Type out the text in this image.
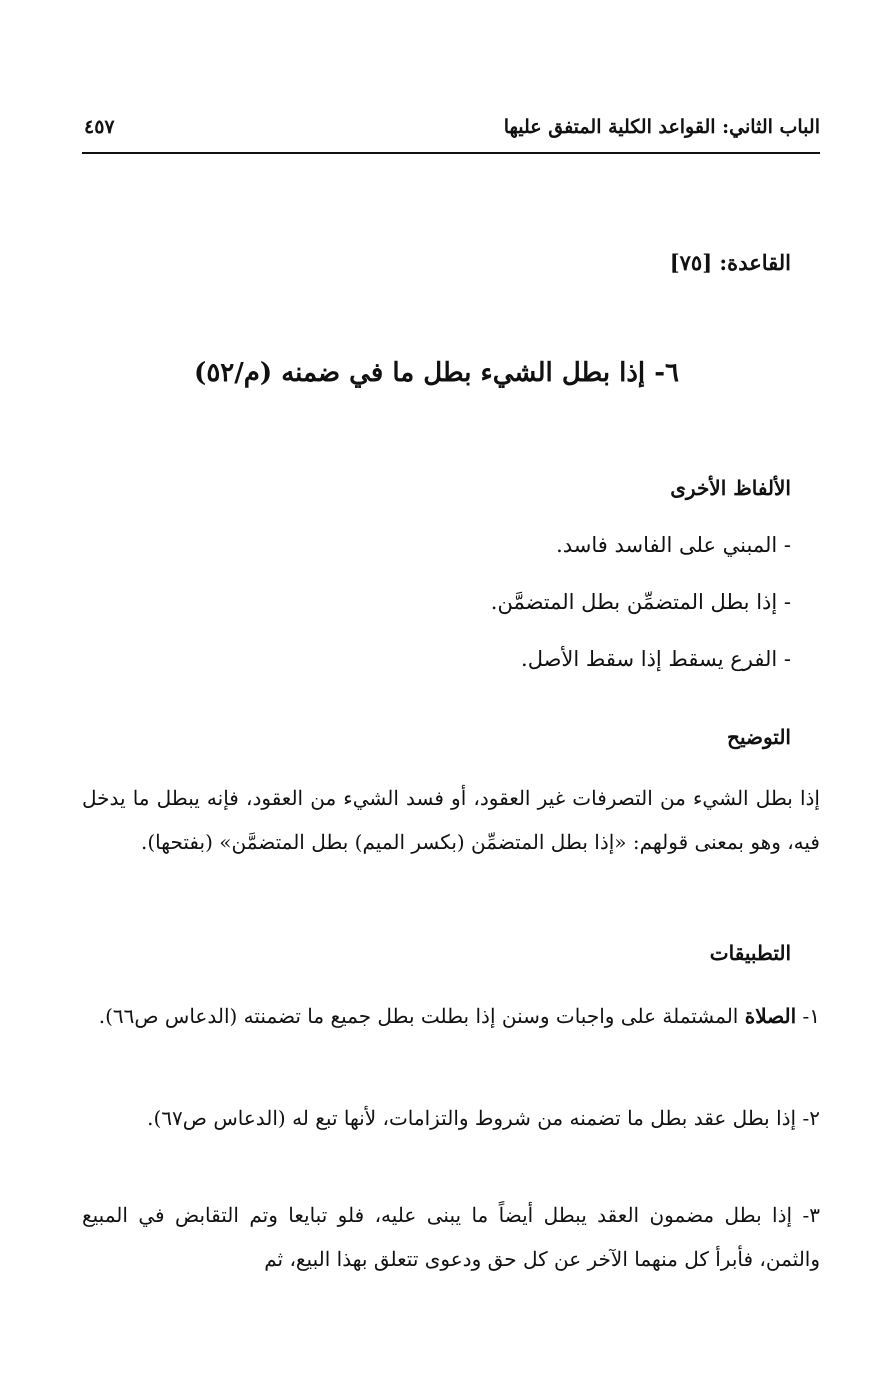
الباب الثاني: القواعد الكلية المتفق عليها
٤٥٧
القاعدة: [٧٥]
٦- إذا بطل الشيء بطل ما في ضمنه (م/٥٢)
الألفاظ الأخرى
- المبني على الفاسد فاسد.
- إذا بطل المتضمِّن بطل المتضمَّن.
- الفرع يسقط إذا سقط الأصل.
التوضيح
إذا بطل الشيء من التصرفات غير العقود، أو فسد الشيء من العقود، فإنه يبطل ما يدخل فيه، وهو بمعنى قولهم: «إذا بطل المتضمِّن (بكسر الميم) بطل المتضمَّن» (بفتحها).
التطبيقات
١- الصلاة المشتملة على واجبات وسنن إذا بطلت بطل جميع ما تضمنته (الدعاس ص٦٦).
٢- إذا بطل عقد بطل ما تضمنه من شروط والتزامات، لأنها تبع له (الدعاس ص٦٧).
٣- إذا بطل مضمون العقد يبطل أيضاً ما يبنى عليه، فلو تبايعا وتم التقابض في المبيع والثمن، فأبرأ كل منهما الآخر عن كل حق ودعوى تتعلق بهذا البيع، ثم
